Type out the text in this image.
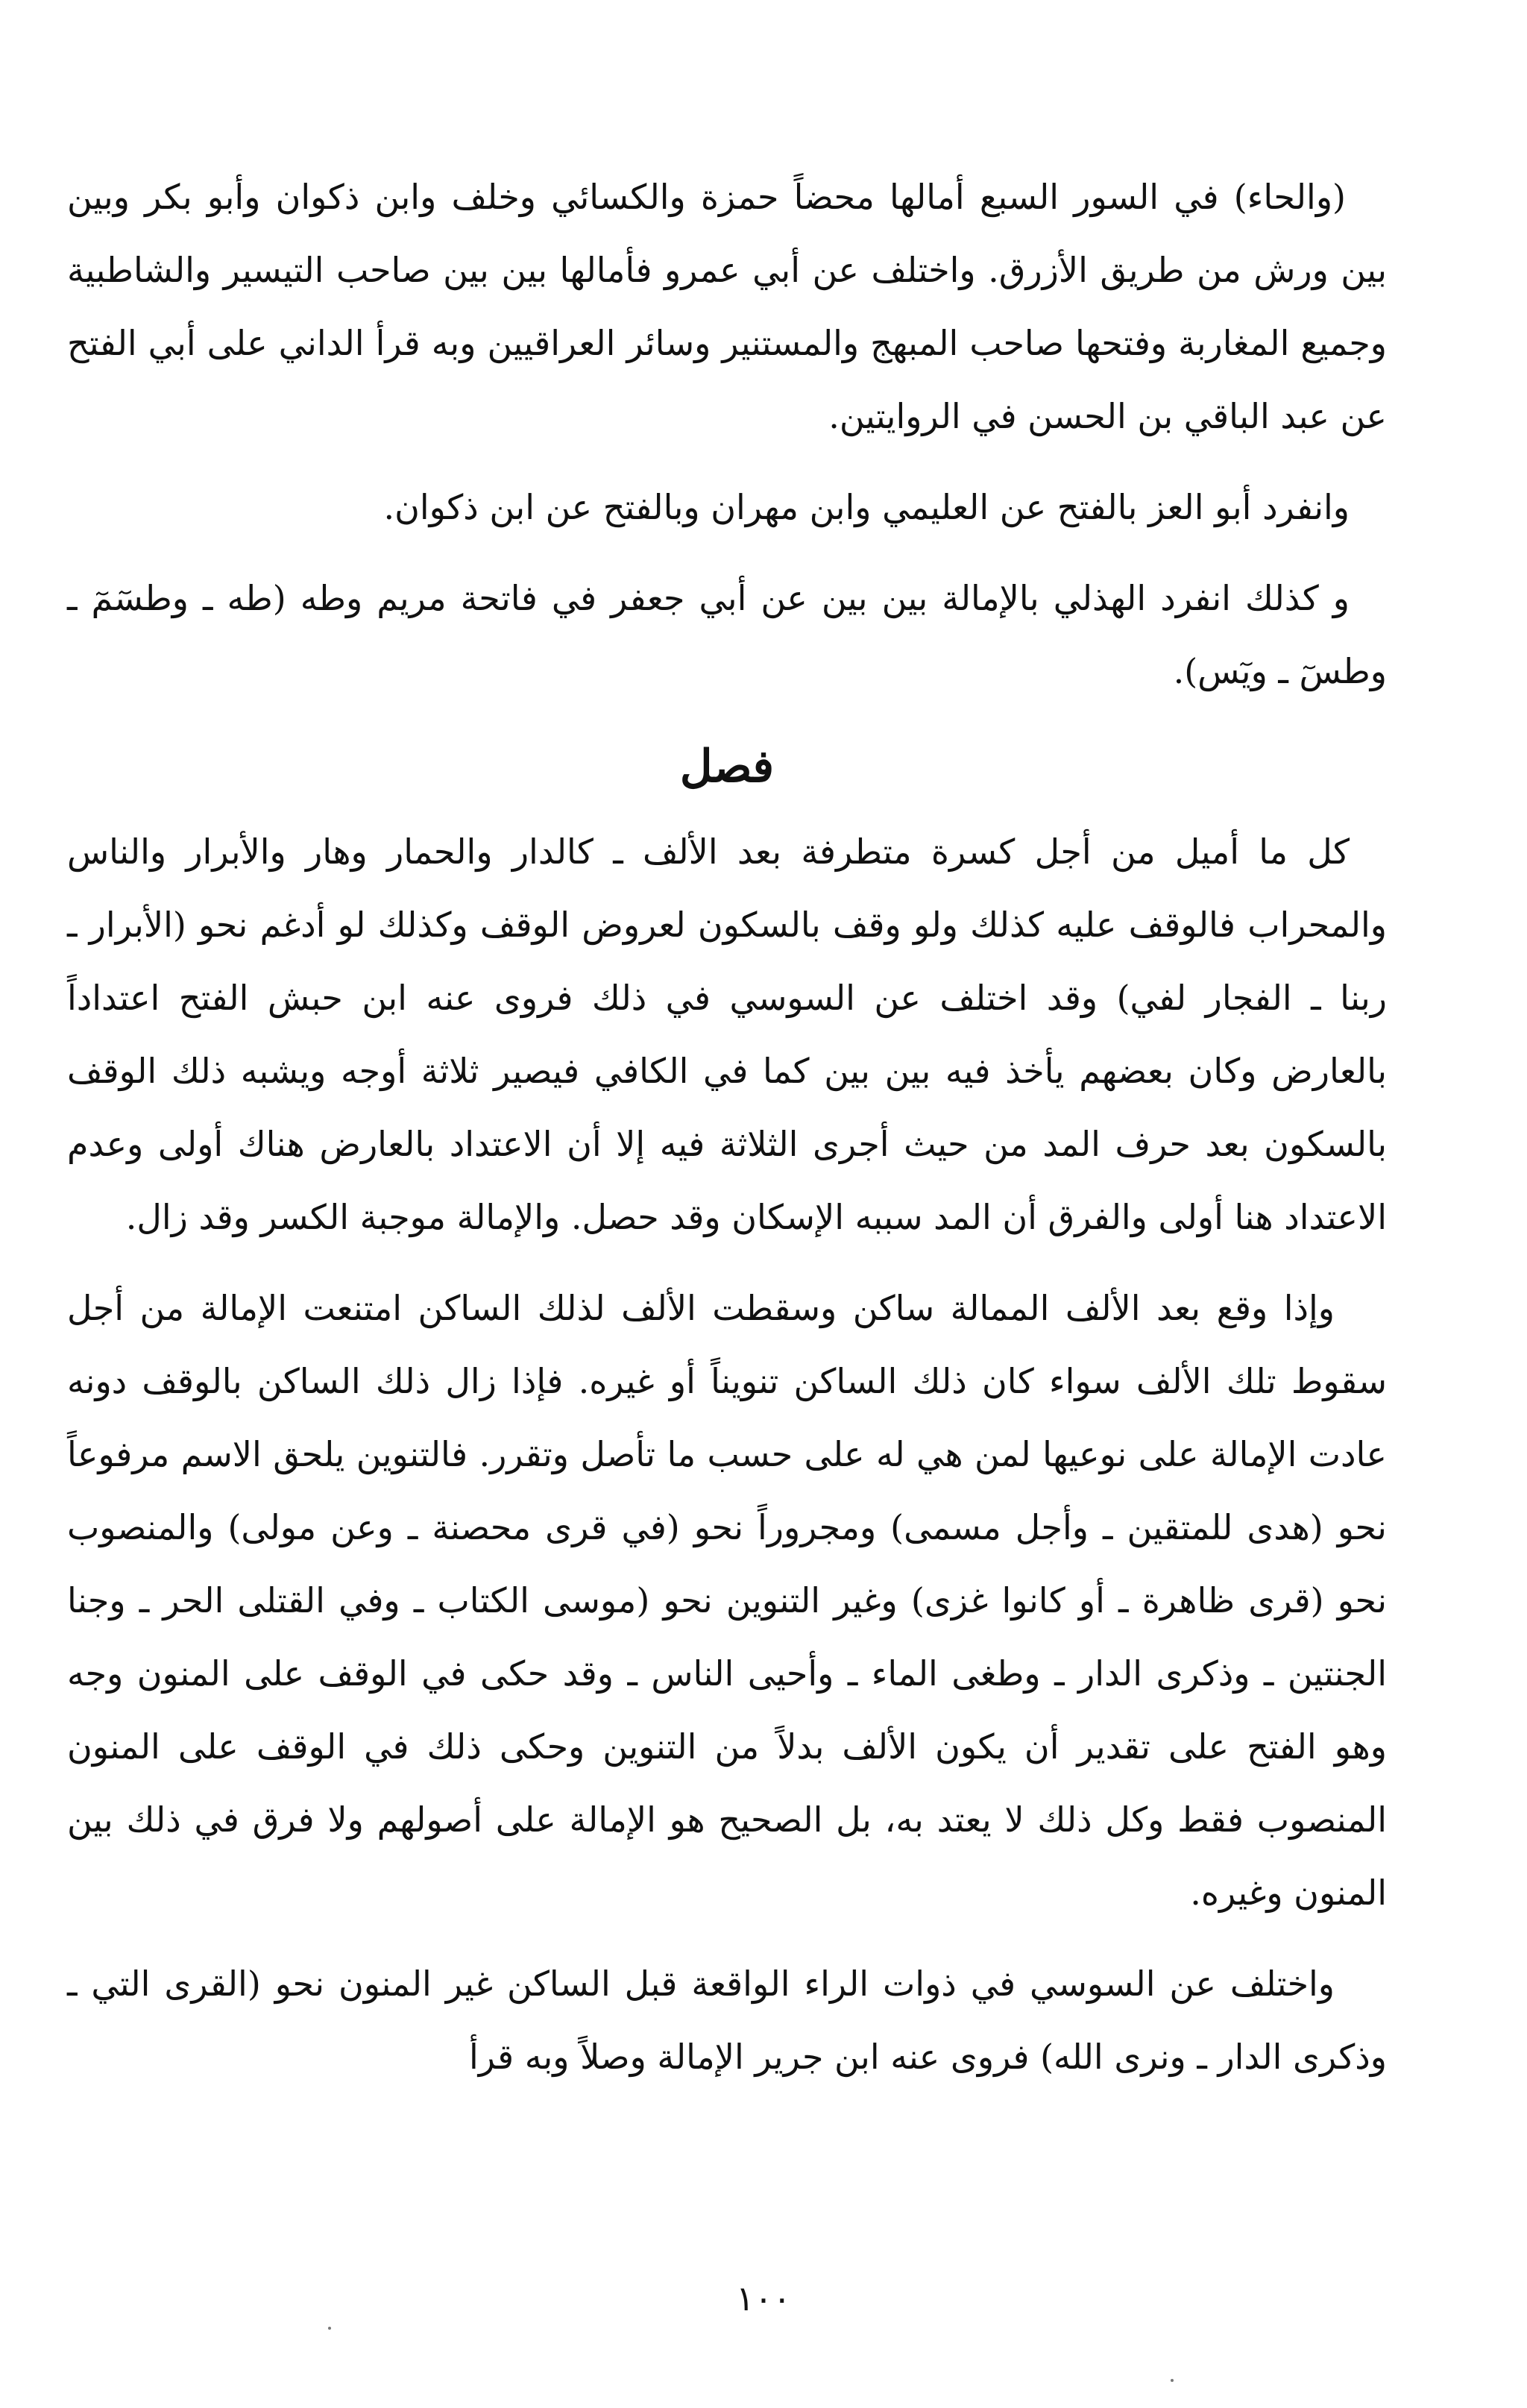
(والحاء) في السور السبع أمالها محضاً حمزة والكسائي وخلف وابن ذكوان وأبو بكر وبين بين ورش من طريق الأزرق. واختلف عن أبي عمرو فأمالها بين بين صاحب التيسير والشاطبية وجميع المغاربة وفتحها صاحب المبهج والمستنير وسائر العراقيين وبه قرأ الداني على أبي الفتح عن عبد الباقي بن الحسن في الروايتين.

وانفرد أبو العز بالفتح عن العليمي وابن مهران وبالفتح عن ابن ذكوان.

و كذلك انفرد الهذلي بالإمالة بين بين عن أبي جعفر في فاتحة مريم وطه (طه ـ وطسٓمٓ ـ وطسٓ ـ ويٓس).

فصل

كل ما أميل من أجل كسرة متطرفة بعد الألف ـ كالدار والحمار وهار والأبرار والناس والمحراب فالوقف عليه كذلك ولو وقف بالسكون لعروض الوقف وكذلك لو أدغم نحو (الأبرار ـ ربنا ـ الفجار لفي) وقد اختلف عن السوسي في ذلك فروى عنه ابن حبش الفتح اعتداداً بالعارض وكان بعضهم يأخذ فيه بين بين كما في الكافي فيصير ثلاثة أوجه ويشبه ذلك الوقف بالسكون بعد حرف المد من حيث أجرى الثلاثة فيه إلا أن الاعتداد بالعارض هناك أولى وعدم الاعتداد هنا أولى والفرق أن المد سببه الإسكان وقد حصل. والإمالة موجبة الكسر وقد زال.

وإذا وقع بعد الألف الممالة ساكن وسقطت الألف لذلك الساكن امتنعت الإمالة من أجل سقوط تلك الألف سواء كان ذلك الساكن تنويناً أو غيره. فإذا زال ذلك الساكن بالوقف دونه عادت الإمالة على نوعيها لمن هي له على حسب ما تأصل وتقرر. فالتنوين يلحق الاسم مرفوعاً نحو (هدى للمتقين ـ وأجل مسمى) ومجروراً نحو (في قرى محصنة ـ وعن مولى) والمنصوب نحو (قرى ظاهرة ـ أو كانوا غزى) وغير التنوين نحو (موسى الكتاب ـ وفي القتلى الحر ـ وجنا الجنتين ـ وذكرى الدار ـ وطغى الماء ـ وأحيى الناس ـ وقد حكى في الوقف على المنون وجه وهو الفتح على تقدير أن يكون الألف بدلاً من التنوين وحكى ذلك في الوقف على المنون المنصوب فقط وكل ذلك لا يعتد به، بل الصحيح هو الإمالة على أصولهم ولا فرق في ذلك بين المنون وغيره.

واختلف عن السوسي في ذوات الراء الواقعة قبل الساكن غير المنون نحو (القرى التي ـ وذكرى الدار ـ ونرى الله) فروى عنه ابن جرير الإمالة وصلاً وبه قرأ

١٠٠
